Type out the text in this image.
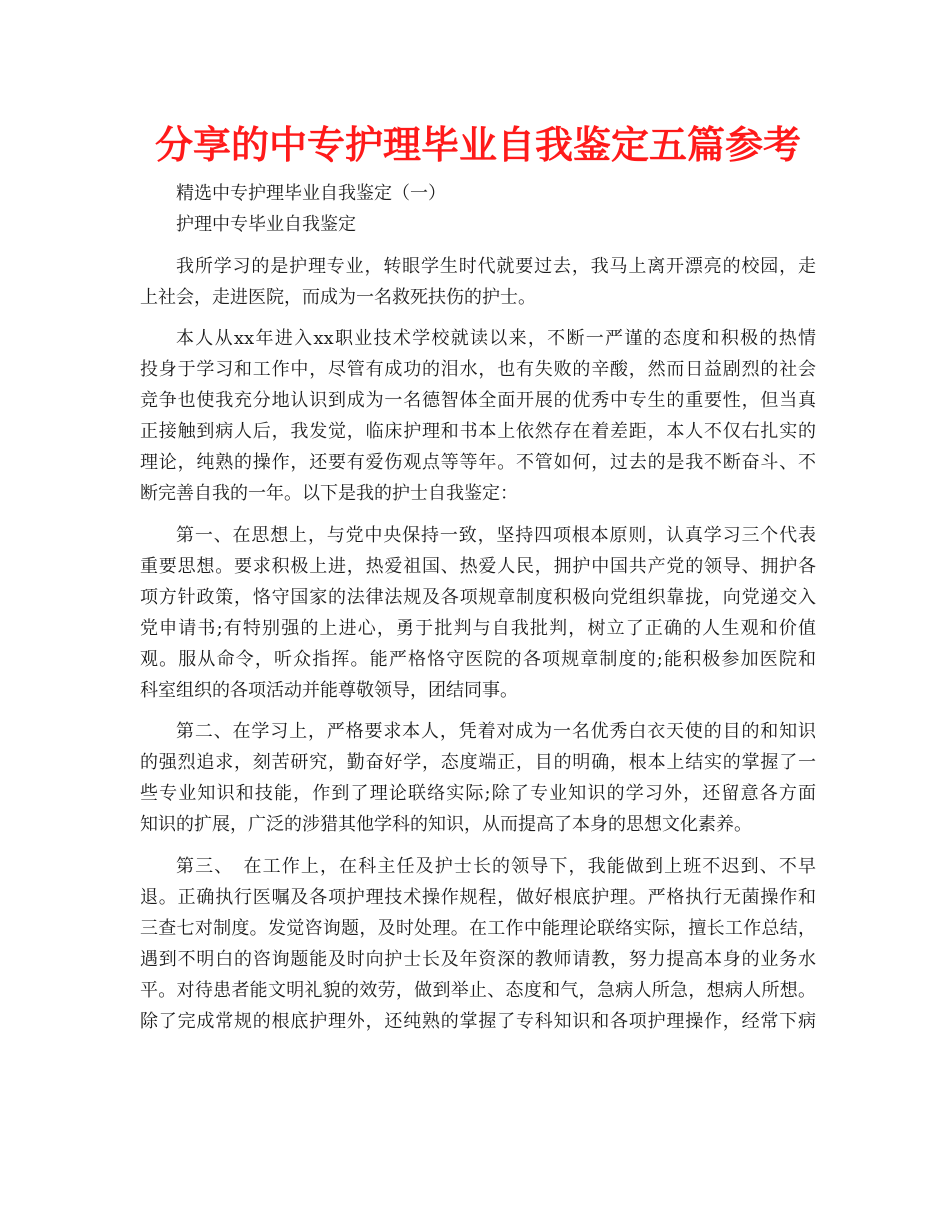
分享的中专护理毕业自我鉴定五篇参考

精选中专护理毕业自我鉴定（一）

护理中专毕业自我鉴定

我所学习的是护理专业，转眼学生时代就要过去，我马上离开漂亮的校园，走

上社会，走进医院，而成为一名救死扶伤的护士。

本人从xx年进入xx职业技术学校就读以来，不断一严谨的态度和积极的热情

投身于学习和工作中，尽管有成功的泪水，也有失败的辛酸，然而日益剧烈的社会

竞争也使我充分地认识到成为一名德智体全面开展的优秀中专生的重要性，但当真

正接触到病人后，我发觉，临床护理和书本上依然存在着差距，本人不仅右扎实的

理论，纯熟的操作，还要有爱伤观点等等年。不管如何，过去的是我不断奋斗、不

断完善自我的一年。以下是我的护士自我鉴定：

第一、在思想上，与党中央保持一致，坚持四项根本原则，认真学习三个代表

重要思想。要求积极上进，热爱祖国、热爱人民，拥护中国共产党的领导、拥护各

项方针政策，恪守国家的法律法规及各项规章制度积极向党组织靠拢，向党递交入

党申请书;有特别强的上进心，勇于批判与自我批判，树立了正确的人生观和价值

观。服从命令，听众指挥。能严格恪守医院的各项规章制度的;能积极参加医院和

科室组织的各项活动并能尊敬领导，团结同事。

第二、在学习上，严格要求本人，凭着对成为一名优秀白衣天使的目的和知识

的强烈追求，刻苦研究，勤奋好学，态度端正，目的明确，根本上结实的掌握了一

些专业知识和技能，作到了理论联络实际;除了专业知识的学习外，还留意各方面

知识的扩展，广泛的涉猎其他学科的知识，从而提高了本身的思想文化素养。

第三、　在工作上，在科主任及护士长的领导下，我能做到上班不迟到、不早

退。正确执行医嘱及各项护理技术操作规程，做好根底护理。严格执行无菌操作和

三查七对制度。发觉咨询题，及时处理。在工作中能理论联络实际，擅长工作总结，

遇到不明白的咨询题能及时向护士长及年资深的教师请教，努力提高本身的业务水

平。对待患者能文明礼貌的效劳，做到举止、态度和气，急病人所急，想病人所想。

除了完成常规的根底护理外，还纯熟的掌握了专科知识和各项护理操作，经常下病
